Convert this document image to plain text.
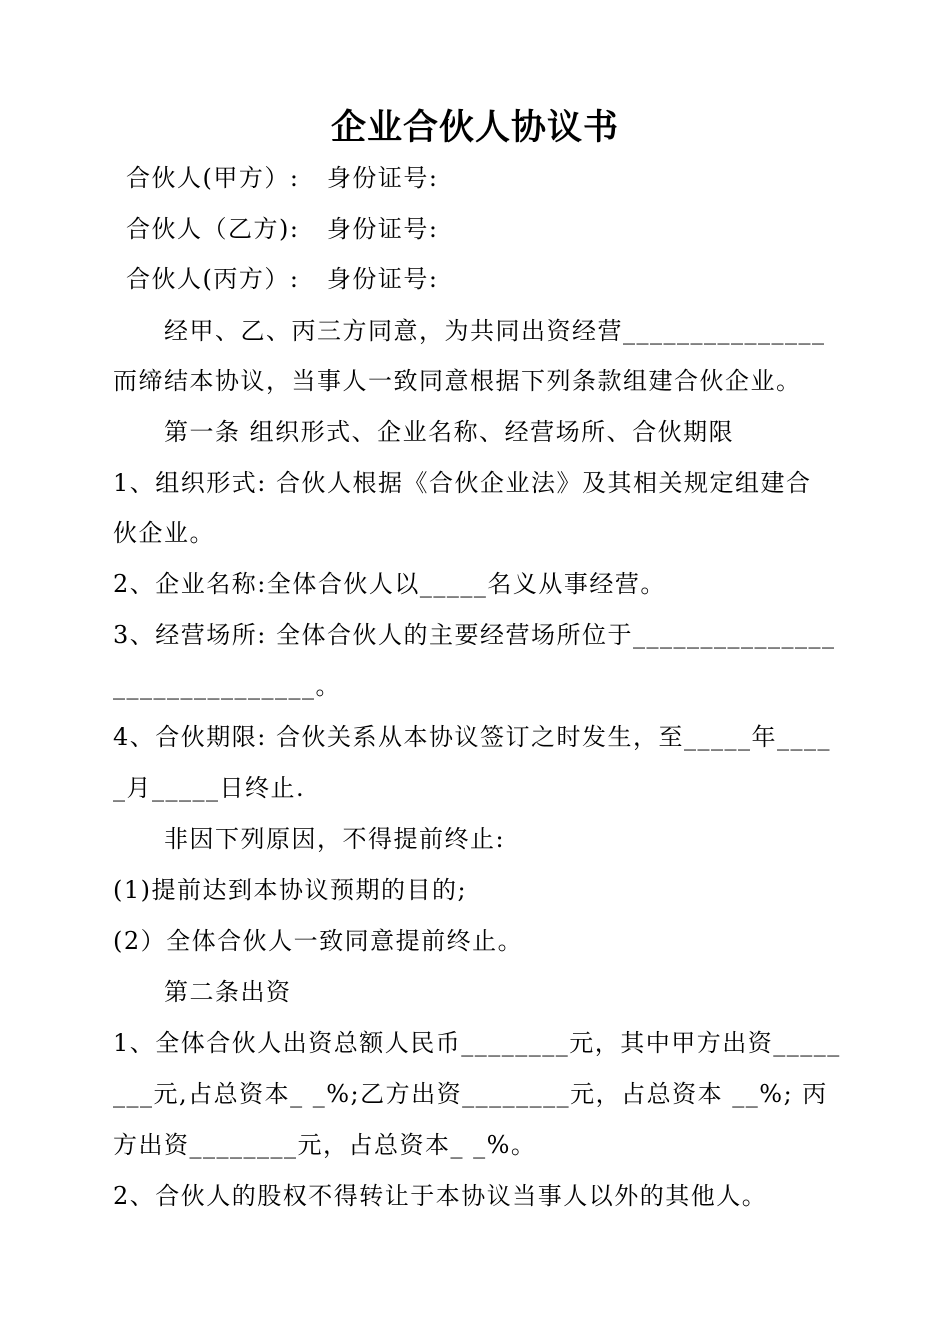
企业合伙人协议书
合伙人(甲方）:   身份证号:
合伙人（乙方):   身份证号:
合伙人(丙方）:   身份证号:
经甲、乙、丙三方同意，为共同出资经营_______________
而缔结本协议，当事人一致同意根据下列条款组建合伙企业。
第一条 组织形式、企业名称、经营场所、合伙期限
1、组织形式: 合伙人根据《合伙企业法》及其相关规定组建合
伙企业。
2、企业名称:全体合伙人以_____名义从事经营。
3、经营场所: 全体合伙人的主要经营场所位于_______________
_______________。
4、合伙期限: 合伙关系从本协议签订之时发生，至_____年____
_月_____日终止.
非因下列原因，不得提前终止:
(1)提前达到本协议预期的目的;
(2）全体合伙人一致同意提前终止。
第二条出资
1、全体合伙人出资总额人民币________元，其中甲方出资_____
___元,占总资本_ _%;乙方出资________元，占总资本 __%; 丙
方出资________元，占总资本_ _%。
2、合伙人的股权不得转让于本协议当事人以外的其他人。
